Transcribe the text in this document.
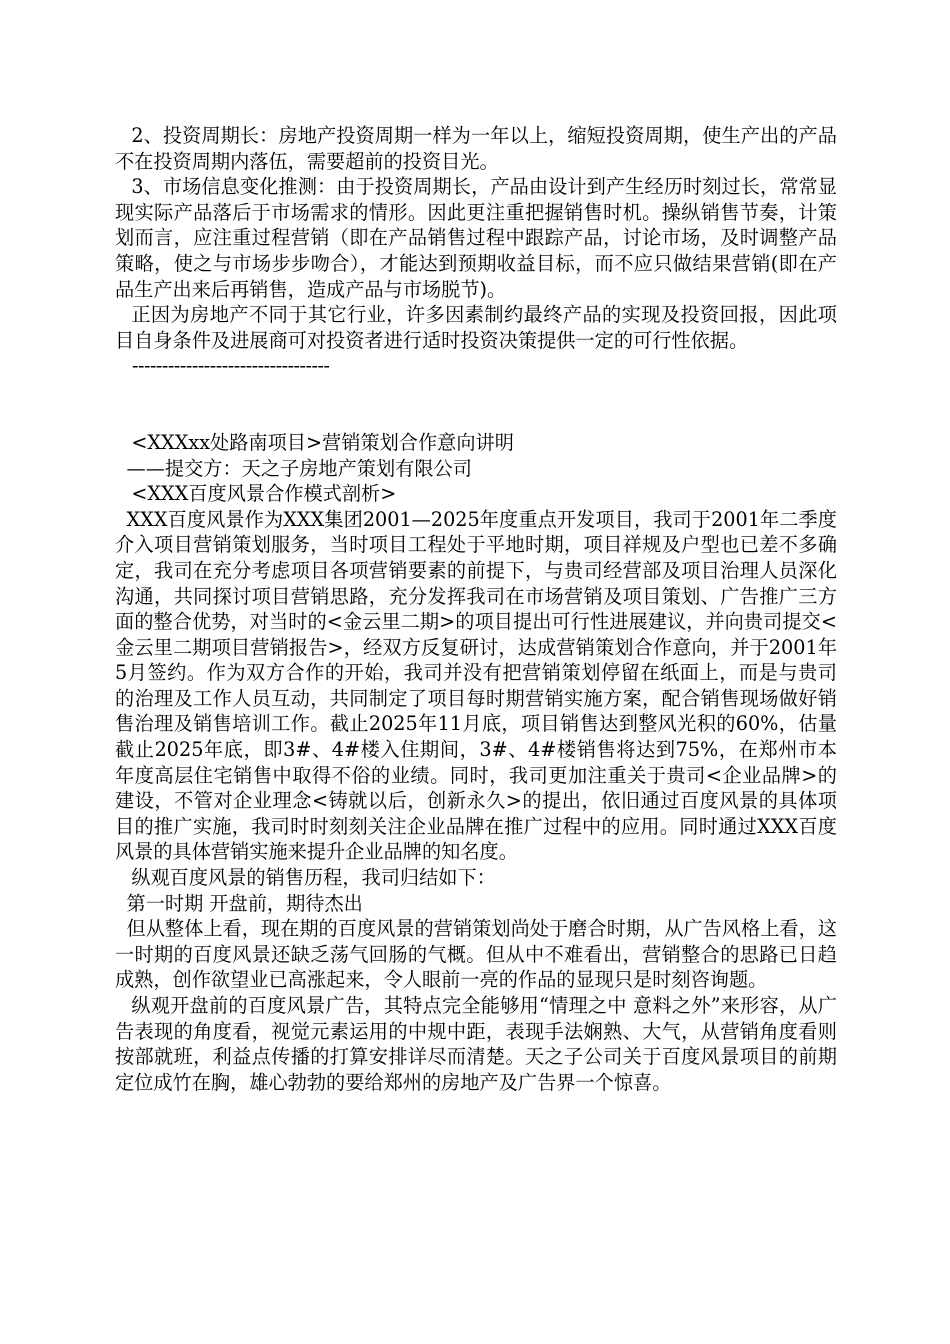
2、投资周期长：房地产投资周期一样为一年以上，缩短投资周期，使生产出的产品不在投资周期内落伍，需要超前的投资目光。

3、市场信息变化推测：由于投资周期长，产品由设计到产生经历时刻过长，常常显现实际产品落后于市场需求的情形。因此更注重把握销售时机。操纵销售节奏，计策划而言，应注重过程营销（即在产品销售过程中跟踪产品，讨论市场，及时调整产品策略，使之与市场步步吻合），才能达到预期收益目标，而不应只做结果营销(即在产品生产出来后再销售，造成产品与市场脱节)。

正因为房地产不同于其它行业，许多因素制约最终产品的实现及投资回报，因此项目自身条件及进展商可对投资者进行适时投资决策提供一定的可行性依据。

---------------------------------

<XXXxx处路南项目>营销策划合作意向讲明

——提交方：天之子房地产策划有限公司

<XXX百度风景合作模式剖析>

XXX百度风景作为XXX集团2001—2025年度重点开发项目，我司于2001年二季度介入项目营销策划服务，当时项目工程处于平地时期，项目祥规及户型也已差不多确定，我司在充分考虑项目各项营销要素的前提下，与贵司经营部及项目治理人员深化沟通，共同探讨项目营销思路，充分发挥我司在市场营销及项目策划、广告推广三方面的整合优势，对当时的<金云里二期>的项目提出可行性进展建议，并向贵司提交<金云里二期项目营销报告>，经双方反复研讨，达成营销策划合作意向，并于2001年5月签约。作为双方合作的开始，我司并没有把营销策划停留在纸面上，而是与贵司的治理及工作人员互动，共同制定了项目每时期营销实施方案，配合销售现场做好销售治理及销售培训工作。截止2025年11月底，项目销售达到整风光积的60%，估量截止2025年底，即3#、4#楼入住期间，3#、4#楼销售将达到75%，在郑州市本年度高层住宅销售中取得不俗的业绩。同时，我司更加注重关于贵司<企业品牌>的建设，不管对企业理念<铸就以后，创新永久>的提出，依旧通过百度风景的具体项目的推广实施，我司时时刻刻关注企业品牌在推广过程中的应用。同时通过XXX百度风景的具体营销实施来提升企业品牌的知名度。

纵观百度风景的销售历程，我司归结如下：

第一时期 开盘前，期待杰出

但从整体上看，现在期的百度风景的营销策划尚处于磨合时期，从广告风格上看，这一时期的百度风景还缺乏荡气回肠的气概。但从中不难看出，营销整合的思路已日趋成熟，创作欲望业已高涨起来，令人眼前一亮的作品的显现只是时刻咨询题。

纵观开盘前的百度风景广告，其特点完全能够用“情理之中 意料之外”来形容，从广告表现的角度看，视觉元素运用的中规中距，表现手法娴熟、大气，从营销角度看则按部就班，利益点传播的打算安排详尽而清楚。天之子公司关于百度风景项目的前期定位成竹在胸，雄心勃勃的要给郑州的房地产及广告界一个惊喜。
